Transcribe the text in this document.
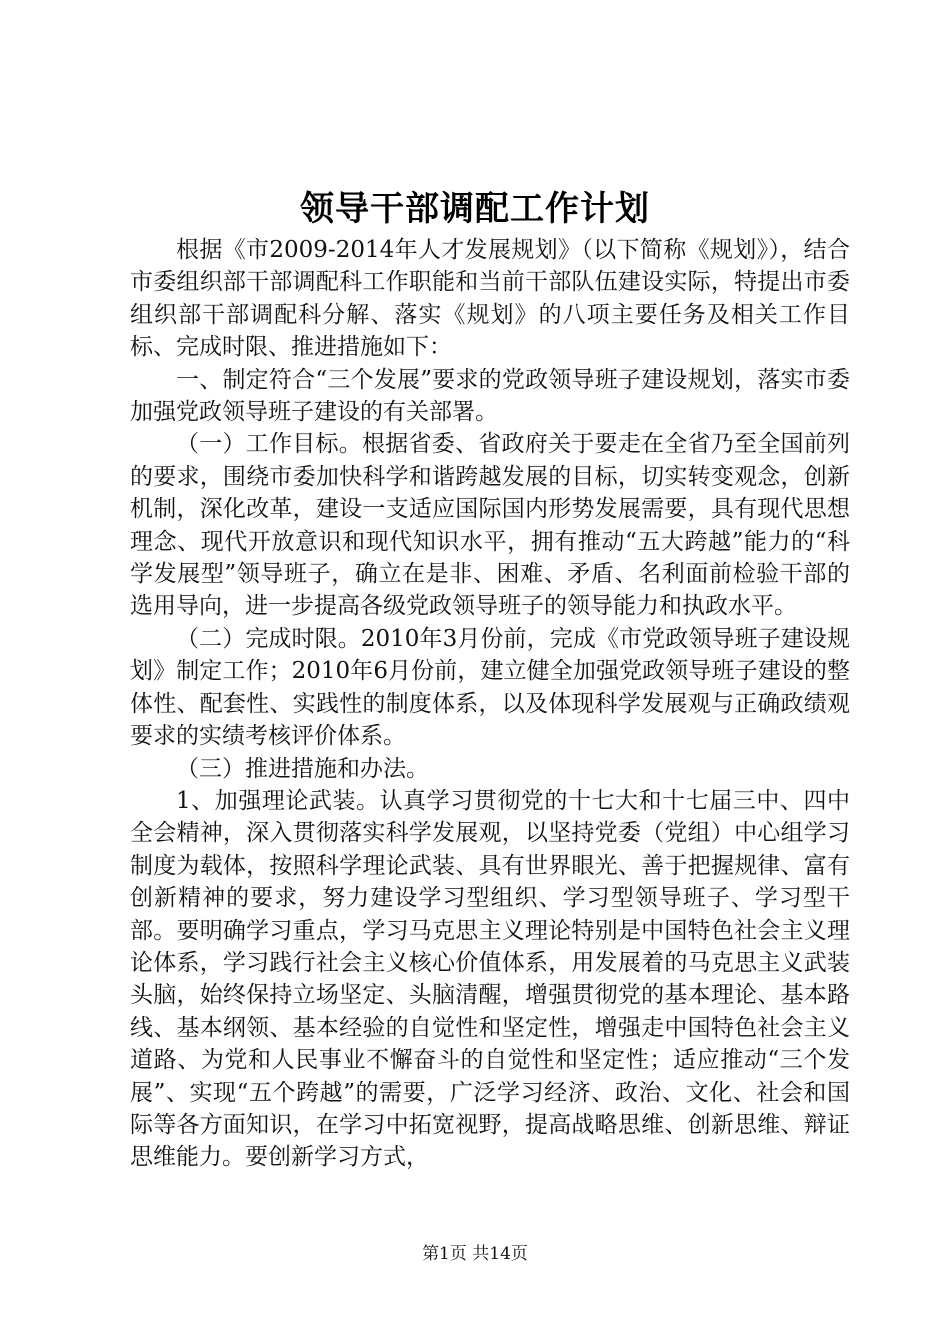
领导干部调配工作计划

根据《市2009-2014年人才发展规划》（以下简称《规划》），结合市委组织部干部调配科工作职能和当前干部队伍建设实际，特提出市委组织部干部调配科分解、落实《规划》的八项主要任务及相关工作目标、完成时限、推进措施如下：

一、制定符合“三个发展”要求的党政领导班子建设规划，落实市委加强党政领导班子建设的有关部署。

（一）工作目标。根据省委、省政府关于要走在全省乃至全国前列的要求，围绕市委加快科学和谐跨越发展的目标，切实转变观念，创新机制，深化改革，建设一支适应国际国内形势发展需要，具有现代思想理念、现代开放意识和现代知识水平，拥有推动“五大跨越”能力的“科学发展型”领导班子，确立在是非、困难、矛盾、名利面前检验干部的选用导向，进一步提高各级党政领导班子的领导能力和执政水平。

（二）完成时限。2010年3月份前，完成《市党政领导班子建设规划》制定工作；2010年6月份前，建立健全加强党政领导班子建设的整体性、配套性、实践性的制度体系，以及体现科学发展观与正确政绩观要求的实绩考核评价体系。

（三）推进措施和办法。

1、加强理论武装。认真学习贯彻党的十七大和十七届三中、四中全会精神，深入贯彻落实科学发展观，以坚持党委（党组）中心组学习制度为载体，按照科学理论武装、具有世界眼光、善于把握规律、富有创新精神的要求，努力建设学习型组织、学习型领导班子、学习型干部。要明确学习重点，学习马克思主义理论特别是中国特色社会主义理论体系，学习践行社会主义核心价值体系，用发展着的马克思主义武装头脑，始终保持立场坚定、头脑清醒，增强贯彻党的基本理论、基本路线、基本纲领、基本经验的自觉性和坚定性，增强走中国特色社会主义道路、为党和人民事业不懈奋斗的自觉性和坚定性；适应推动“三个发展”、实现“五个跨越”的需要，广泛学习经济、政治、文化、社会和国际等各方面知识，在学习中拓宽视野，提高战略思维、创新思维、辩证思维能力。要创新学习方式，

第1页 共14页
